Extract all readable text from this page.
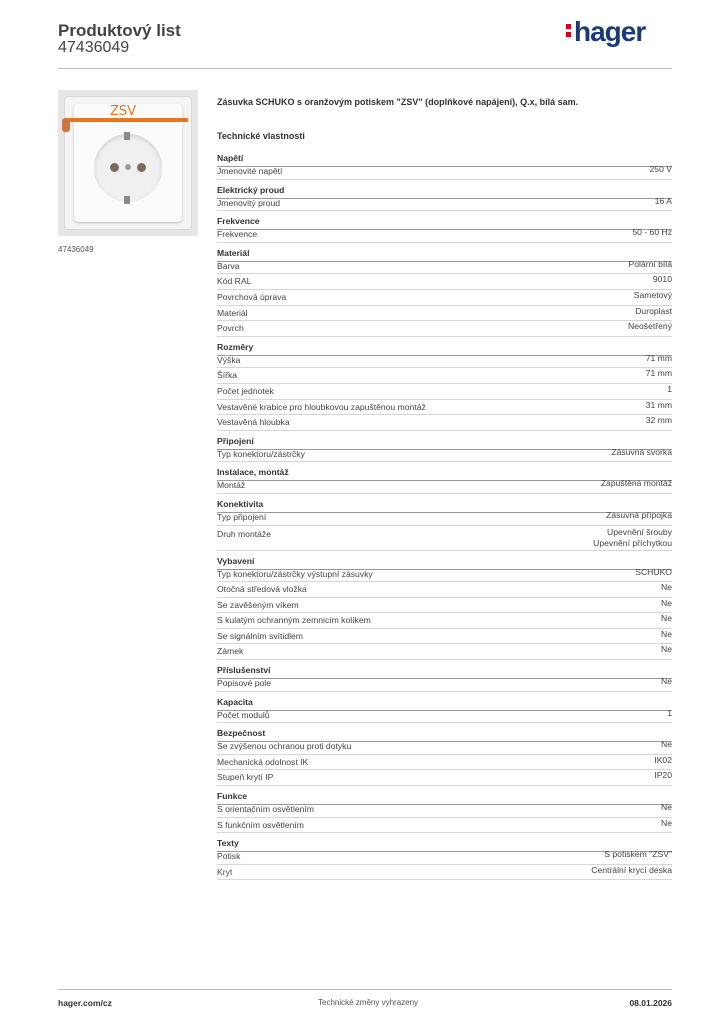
Produktový list
47436049
hager
ZSV
47436049
Zásuvka SCHUKO s oranžovým potiskem "ZSV" (doplňkové napájení), Q.x, bílá sam.
Technické vlastnosti
Napětí
Jmenovité napětí	250 V
Elektrický proud
Jmenovitý proud	16 A
Frekvence
Frekvence	50 - 60 Hz
Materiál
Barva	Polární bílá
Kód RAL	9010
Povrchová úprava	Sametový
Materiál	Duroplast
Povrch	Neošetřený
Rozměry
Výška	71 mm
Šířka	71 mm
Počet jednotek	1
Vestavěné krabice pro hloubkovou zapuštěnou montáž	31 mm
Vestavěná hloubka	32 mm
Připojení
Typ konektoru/zástrčky	Zásuvná svorka
Instalace, montáž
Montáž	Zapuštěná montáž
Konektivita
Typ připojení	Zásuvná přípojka
Druh montáže	Upevnění šrouby
Upevnění příchytkou
Vybavení
Typ konektoru/zástrčky výstupní zásuvky	SCHUKO
Otočná středová vložka	Ne
Se zavěšeným víkem	Ne
S kulatým ochranným zemnicím kolíkem	Ne
Se signálním svítidlem	Ne
Zámek	Ne
Příslušenství
Popisové pole	Ne
Kapacita
Počet modulů	1
Bezpečnost
Se zvýšenou ochranou proti dotyku	Ne
Mechanická odolnost IK	IK02
Stupeň krytí IP	IP20
Funkce
S orientačním osvětlením	Ne
S funkčním osvětlením	Ne
Texty
Potisk	S potiskem "ZSV"
Kryt	Centrální krycí deska
hager.com/cz	Technické změny vyhrazeny	08.01.2026
